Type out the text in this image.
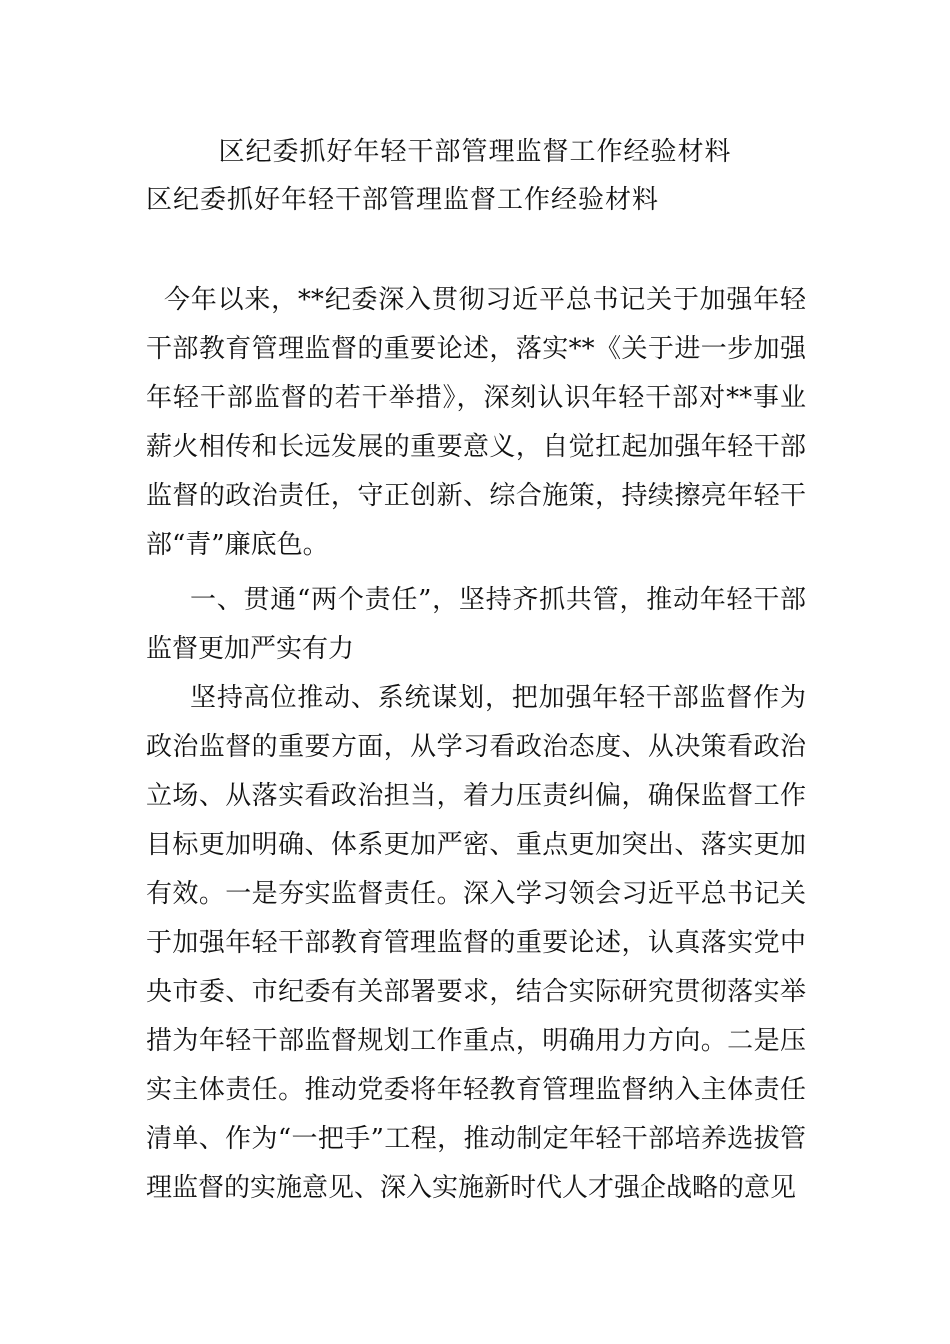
区纪委抓好年轻干部管理监督工作经验材料
区纪委抓好年轻干部管理监督工作经验材料

今年以来，**纪委深入贯彻习近平总书记关于加强年轻干部教育管理监督的重要论述，落实**《关于进一步加强年轻干部监督的若干举措》，深刻认识年轻干部对**事业薪火相传和长远发展的重要意义，自觉扛起加强年轻干部监督的政治责任，守正创新、综合施策，持续擦亮年轻干部“青”廉底色。

一、贯通“两个责任”，坚持齐抓共管，推动年轻干部监督更加严实有力

坚持高位推动、系统谋划，把加强年轻干部监督作为政治监督的重要方面，从学习看政治态度、从决策看政治立场、从落实看政治担当，着力压责纠偏，确保监督工作目标更加明确、体系更加严密、重点更加突出、落实更加有效。一是夯实监督责任。深入学习领会习近平总书记关于加强年轻干部教育管理监督的重要论述，认真落实党中央市委、市纪委有关部署要求，结合实际研究贯彻落实举措为年轻干部监督规划工作重点，明确用力方向。二是压实主体责任。推动党委将年轻教育管理监督纳入主体责任清单、作为“一把手”工程，推动制定年轻干部培养选拔管理监督的实施意见、深入实施新时代人才强企战略的意见
